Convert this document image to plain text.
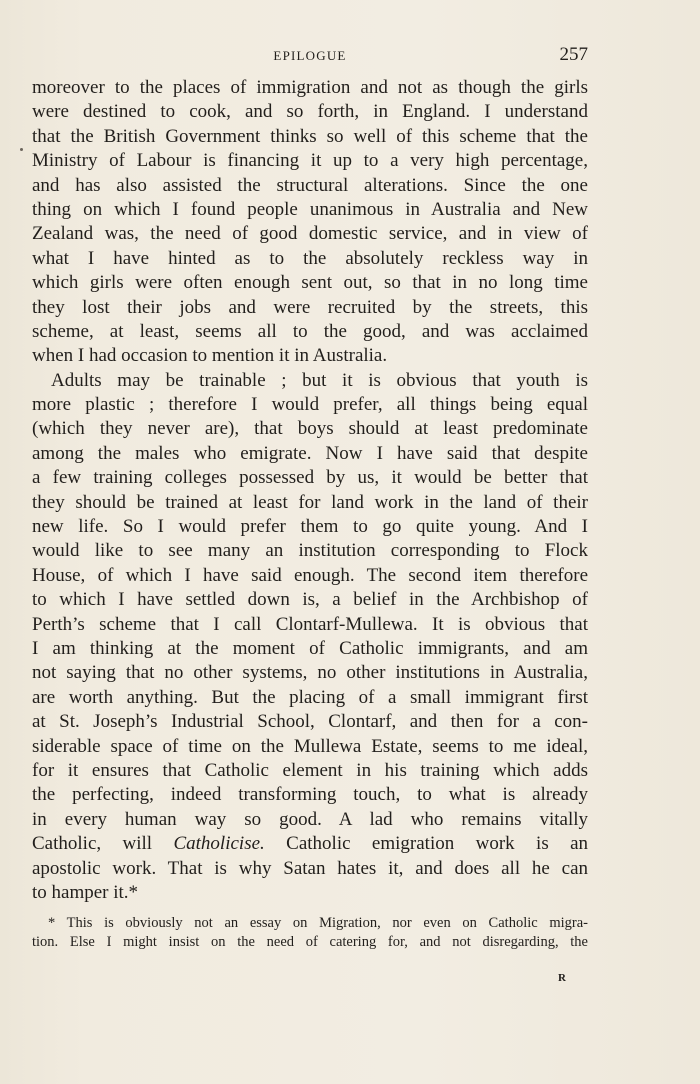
EPILOGUE	257
moreover to the places of immigration and not as though the girls
were destined to cook, and so forth, in England. I understand
that the British Government thinks so well of this scheme that the
Ministry of Labour is financing it up to a very high percentage,
and has also assisted the structural alterations. Since the one
thing on which I found people unanimous in Australia and New
Zealand was, the need of good domestic service, and in view of
what I have hinted as to the absolutely reckless way in
which girls were often enough sent out, so that in no long time
they lost their jobs and were recruited by the streets, this
scheme, at least, seems all to the good, and was acclaimed
when I had occasion to mention it in Australia.
Adults may be trainable ; but it is obvious that youth is
more plastic ; therefore I would prefer, all things being equal
(which they never are), that boys should at least predominate
among the males who emigrate. Now I have said that despite
a few training colleges possessed by us, it would be better that
they should be trained at least for land work in the land of their
new life. So I would prefer them to go quite young. And I
would like to see many an institution corresponding to Flock
House, of which I have said enough. The second item therefore
to which I have settled down is, a belief in the Archbishop of
Perth’s scheme that I call Clontarf-Mullewa. It is obvious that
I am thinking at the moment of Catholic immigrants, and am
not saying that no other systems, no other institutions in Australia,
are worth anything. But the placing of a small immigrant first
at St. Joseph’s Industrial School, Clontarf, and then for a con-
siderable space of time on the Mullewa Estate, seems to me ideal,
for it ensures that Catholic element in his training which adds
the perfecting, indeed transforming touch, to what is already
in every human way so good. A lad who remains vitally
Catholic, will Catholicise. Catholic emigration work is an
apostolic work. That is why Satan hates it, and does all he can
to hamper it.*
* This is obviously not an essay on Migration, nor even on Catholic migra-
tion. Else I might insist on the need of catering for, and not disregarding, the
R
